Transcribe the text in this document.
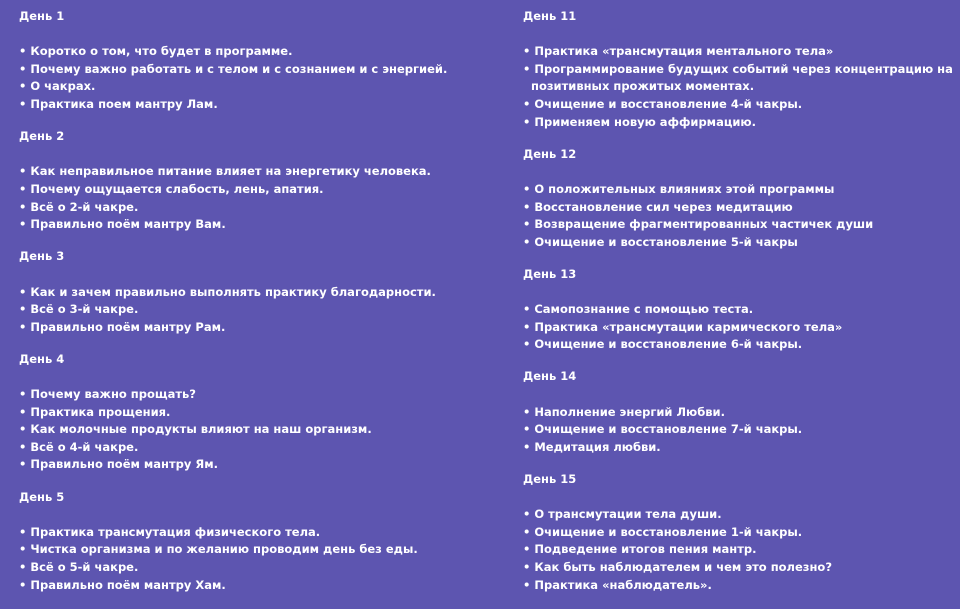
День 1
• Коротко о том, что будет в программе.
• Почему важно работать и с телом и с сознанием и с энергией.
• О чакрах.
• Практика поем мантру Лам.
День 2
• Как неправильное питание влияет на энергетику человека.
• Почему ощущается слабость, лень, апатия.
• Всё о 2-й чакре.
• Правильно поём мантру Вам.
День 3
• Как и зачем правильно выполнять практику благодарности.
• Всё о 3-й чакре.
• Правильно поём мантру Рам.
День 4
• Почему важно прощать?
• Практика прощения.
• Как молочные продукты влияют на наш организм.
• Всё о 4-й чакре.
• Правильно поём мантру Ям.
День 5
• Практика трансмутация физического тела.
• Чистка организма и по желанию проводим день без еды.
• Всё о 5-й чакре.
• Правильно поём мантру Хам.
День 11
• Практика «трансмутация ментального тела»
• Программирование будущих событий через концентрацию на
позитивных прожитых моментах.
• Очищение и восстановление 4-й чакры.
• Применяем новую аффирмацию.
День 12
• О положительных влияниях этой программы
• Восстановление сил через медитацию
• Возвращение фрагментированных частичек души
• Очищение и восстановление 5-й чакры
День 13
• Самопознание с помощью теста.
• Практика «трансмутации кармического тела»
• Очищение и восстановление 6-й чакры.
День 14
• Наполнение энергий Любви.
• Очищение и восстановление 7-й чакры.
• Медитация любви.
День 15
• О трансмутации тела души.
• Очищение и восстановление 1-й чакры.
• Подведение итогов пения мантр.
• Как быть наблюдателем и чем это полезно?
• Практика «наблюдатель».
